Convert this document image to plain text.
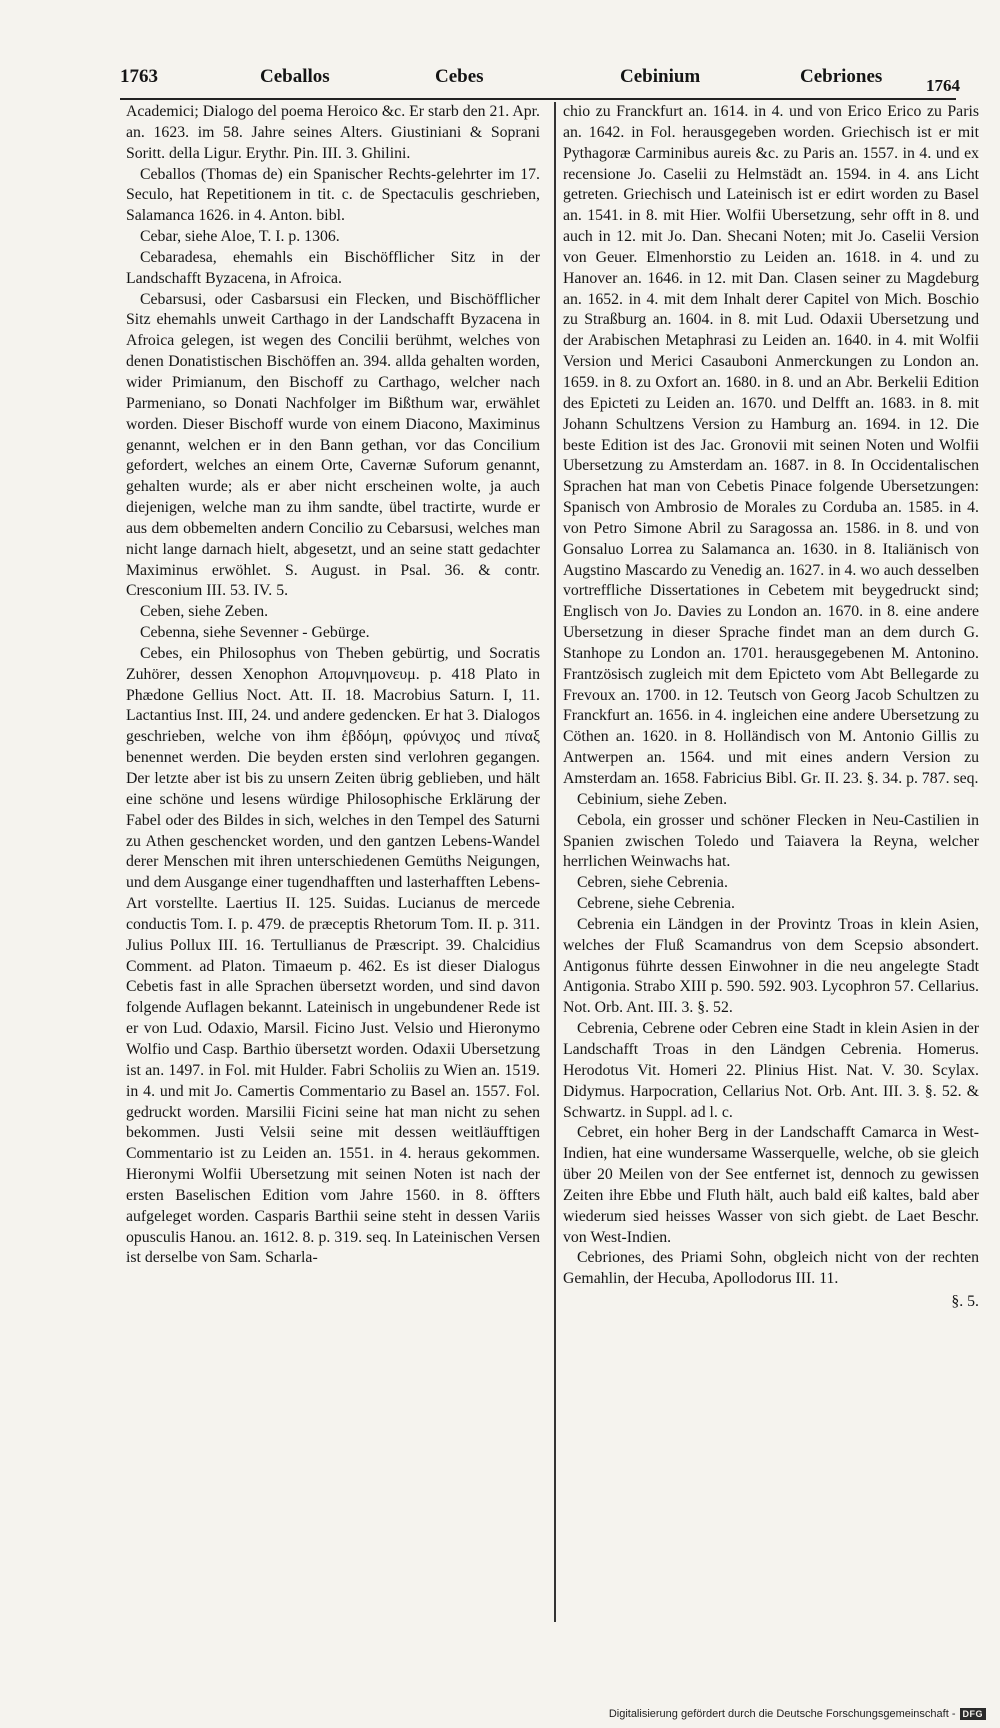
1763	Ceballos	Cebes	Cebinium	Cebriones	1764

Academici; Dialogo del poema Heroico &c. Er starb den 21. Apr. an. 1623. im 58. Jahre seines Alters. Giustiniani & Soprani Soritt. della Ligur. Erythr. Pin. III. 3. Ghilini.

Ceballos (Thomas de) ein Spanischer Rechts-gelehrter im 17. Seculo, hat Repetitionem in tit. c. de Spectaculis geschrieben, Salamanca 1626. in 4. Anton. bibl.

Cebar, siehe Aloe, T. I. p. 1306.

Cebaradesa, ehemahls ein Bischöfflicher Sitz in der Landschafft Byzacena, in Afroica.

Cebarsusi, oder Casbarsusi ein Flecken, und Bischöfflicher Sitz ehemahls unweit Carthago in der Landschafft Byzacena in Afroica gelegen, ist wegen des Concilii berühmt, welches von denen Donatistischen Bischöffen an. 394. allda gehalten worden, wider Primianum, den Bischoff zu Carthago, welcher nach Parmeniano, so Donati Nachfolger im Bißthum war, erwählet worden. Dieser Bischoff wurde von einem Diacono, Maximinus genannt, welchen er in den Bann gethan, vor das Concilium gefordert, welches an einem Orte, Cavernæ Suforum genannt, gehalten wurde; als er aber nicht erscheinen wolte, ja auch diejenigen, welche man zu ihm sandte, übel tractirte, wurde er aus dem obbemelten andern Concilio zu Cebarsusi, welches man nicht lange darnach hielt, abgesetzt, und an seine statt gedachter Maximinus erwöhlet. S. August. in Psal. 36. & contr. Cresconium III. 53. IV. 5.

Ceben, siehe Zeben.

Cebenna, siehe Sevenner - Gebürge.

Cebes, ein Philosophus von Theben gebürtig, und Socratis Zuhörer, dessen Xenophon Απομνημονευμ. p. 418 Plato in Phædone Gellius Noct. Att. II. 18. Macrobius Saturn. I, 11. Lactantius Inst. III, 24. und andere gedencken. Er hat 3. Dialogos geschrieben, welche von ihm ἑβδόμη, φρύνιχος und πίναξ benennet werden. Die beyden ersten sind verlohren gegangen. Der letzte aber ist bis zu unsern Zeiten übrig geblieben, und hält eine schöne und lesens würdige Philosophische Erklärung der Fabel oder des Bildes in sich, welches in den Tempel des Saturni zu Athen geschencket worden, und den gantzen Lebens-Wandel derer Menschen mit ihren unterschiedenen Gemüths Neigungen, und dem Ausgange einer tugendhafften und lasterhafften Lebens-Art vorstellte. Laertius II. 125. Suidas. Lucianus de mercede conductis Tom. I. p. 479. de præceptis Rhetorum Tom. II. p. 311. Julius Pollux III. 16. Tertullianus de Præscript. 39. Chalcidius Comment. ad Platon. Timaeum p. 462. Es ist dieser Dialogus Cebetis fast in alle Sprachen übersetzt worden, und sind davon folgende Auflagen bekannt. Lateinisch in ungebundener Rede ist er von Lud. Odaxio, Marsil. Ficino Just. Velsio und Hieronymo Wolfio und Casp. Barthio übersetzt worden. Odaxii Ubersetzung ist an. 1497. in Fol. mit Hulder. Fabri Scholiis zu Wien an. 1519. in 4. und mit Jo. Camertis Commentario zu Basel an. 1557. Fol. gedruckt worden. Marsilii Ficini seine hat man nicht zu sehen bekommen. Justi Velsii seine mit dessen weitläufftigen Commentario ist zu Leiden an. 1551. in 4. heraus gekommen. Hieronymi Wolfii Ubersetzung mit seinen Noten ist nach der ersten Baselischen Edition vom Jahre 1560. in 8. öffters aufgeleget worden. Casparis Barthii seine steht in dessen Variis opusculis Hanou. an. 1612. 8. p. 319. seq. In Lateinischen Versen ist derselbe von Sam. Scharla-

chio zu Franckfurt an. 1614. in 4. und von Erico Erico zu Paris an. 1642. in Fol. herausgegeben worden. Griechisch ist er mit Pythagoræ Carminibus aureis &c. zu Paris an. 1557. in 4. und ex recensione Jo. Caselii zu Helmstädt an. 1594. in 4. ans Licht getreten. Griechisch und Lateinisch ist er edirt worden zu Basel an. 1541. in 8. mit Hier. Wolfii Ubersetzung, sehr offt in 8. und auch in 12. mit Jo. Dan. Shecani Noten; mit Jo. Caselii Version von Geuer. Elmenhorstio zu Leiden an. 1618. in 4. und zu Hanover an. 1646. in 12. mit Dan. Clasen seiner zu Magdeburg an. 1652. in 4. mit dem Inhalt derer Capitel von Mich. Boschio zu Straßburg an. 1604. in 8. mit Lud. Odaxii Ubersetzung und der Arabischen Metaphrasi zu Leiden an. 1640. in 4. mit Wolfii Version und Merici Casauboni Anmerckungen zu London an. 1659. in 8. zu Oxfort an. 1680. in 8. und an Abr. Berkelii Edition des Epicteti zu Leiden an. 1670. und Delfft an. 1683. in 8. mit Johann Schultzens Version zu Hamburg an. 1694. in 12. Die beste Edition ist des Jac. Gronovii mit seinen Noten und Wolfii Ubersetzung zu Amsterdam an. 1687. in 8. In Occidentalischen Sprachen hat man von Cebetis Pinace folgende Ubersetzungen: Spanisch von Ambrosio de Morales zu Corduba an. 1585. in 4. von Petro Simone Abril zu Saragossa an. 1586. in 8. und von Gonsaluo Lorrea zu Salamanca an. 1630. in 8. Italiänisch von Augstino Mascardo zu Venedig an. 1627. in 4. wo auch desselben vortreffliche Dissertationes in Cebetem mit beygedruckt sind; Englisch von Jo. Davies zu London an. 1670. in 8. eine andere Ubersetzung in dieser Sprache findet man an dem durch G. Stanhope zu London an. 1701. herausgegebenen M. Antonino. Frantzösisch zugleich mit dem Epicteto vom Abt Bellegarde zu Frevoux an. 1700. in 12. Teutsch von Georg Jacob Schultzen zu Franckfurt an. 1656. in 4. ingleichen eine andere Ubersetzung zu Cöthen an. 1620. in 8. Holländisch von M. Antonio Gillis zu Antwerpen an. 1564. und mit eines andern Version zu Amsterdam an. 1658. Fabricius Bibl. Gr. II. 23. §. 34. p. 787. seq.

Cebinium, siehe Zeben.

Cebola, ein grosser und schöner Flecken in Neu-Castilien in Spanien zwischen Toledo und Taiavera la Reyna, welcher herrlichen Weinwachs hat.

Cebren, siehe Cebrenia.

Cebrene, siehe Cebrenia.

Cebrenia ein Ländgen in der Provintz Troas in klein Asien, welches der Fluß Scamandrus von dem Scepsio absondert. Antigonus führte dessen Einwohner in die neu angelegte Stadt Antigonia. Strabo XIII p. 590. 592. 903. Lycophron 57. Cellarius. Not. Orb. Ant. III. 3. §. 52.

Cebrenia, Cebrene oder Cebren eine Stadt in klein Asien in der Landschafft Troas in den Ländgen Cebrenia. Homerus. Herodotus Vit. Homeri 22. Plinius Hist. Nat. V. 30. Scylax. Didymus. Harpocration, Cellarius Not. Orb. Ant. III. 3. §. 52. & Schwartz. in Suppl. ad l. c.

Cebret, ein hoher Berg in der Landschafft Camarca in West-Indien, hat eine wundersame Wasserquelle, welche, ob sie gleich über 20 Meilen von der See entfernet ist, dennoch zu gewissen Zeiten ihre Ebbe und Fluth hält, auch bald eiß kaltes, bald aber wiederum sied heisses Wasser von sich giebt. de Laet Beschr. von West-Indien.

Cebriones, des Priami Sohn, obgleich nicht von der rechten Gemahlin, der Hecuba, Apollodorus III. 11.

§. 5.

Digitalisierung gefördert durch die Deutsche Forschungsgemeinschaft - DFG
